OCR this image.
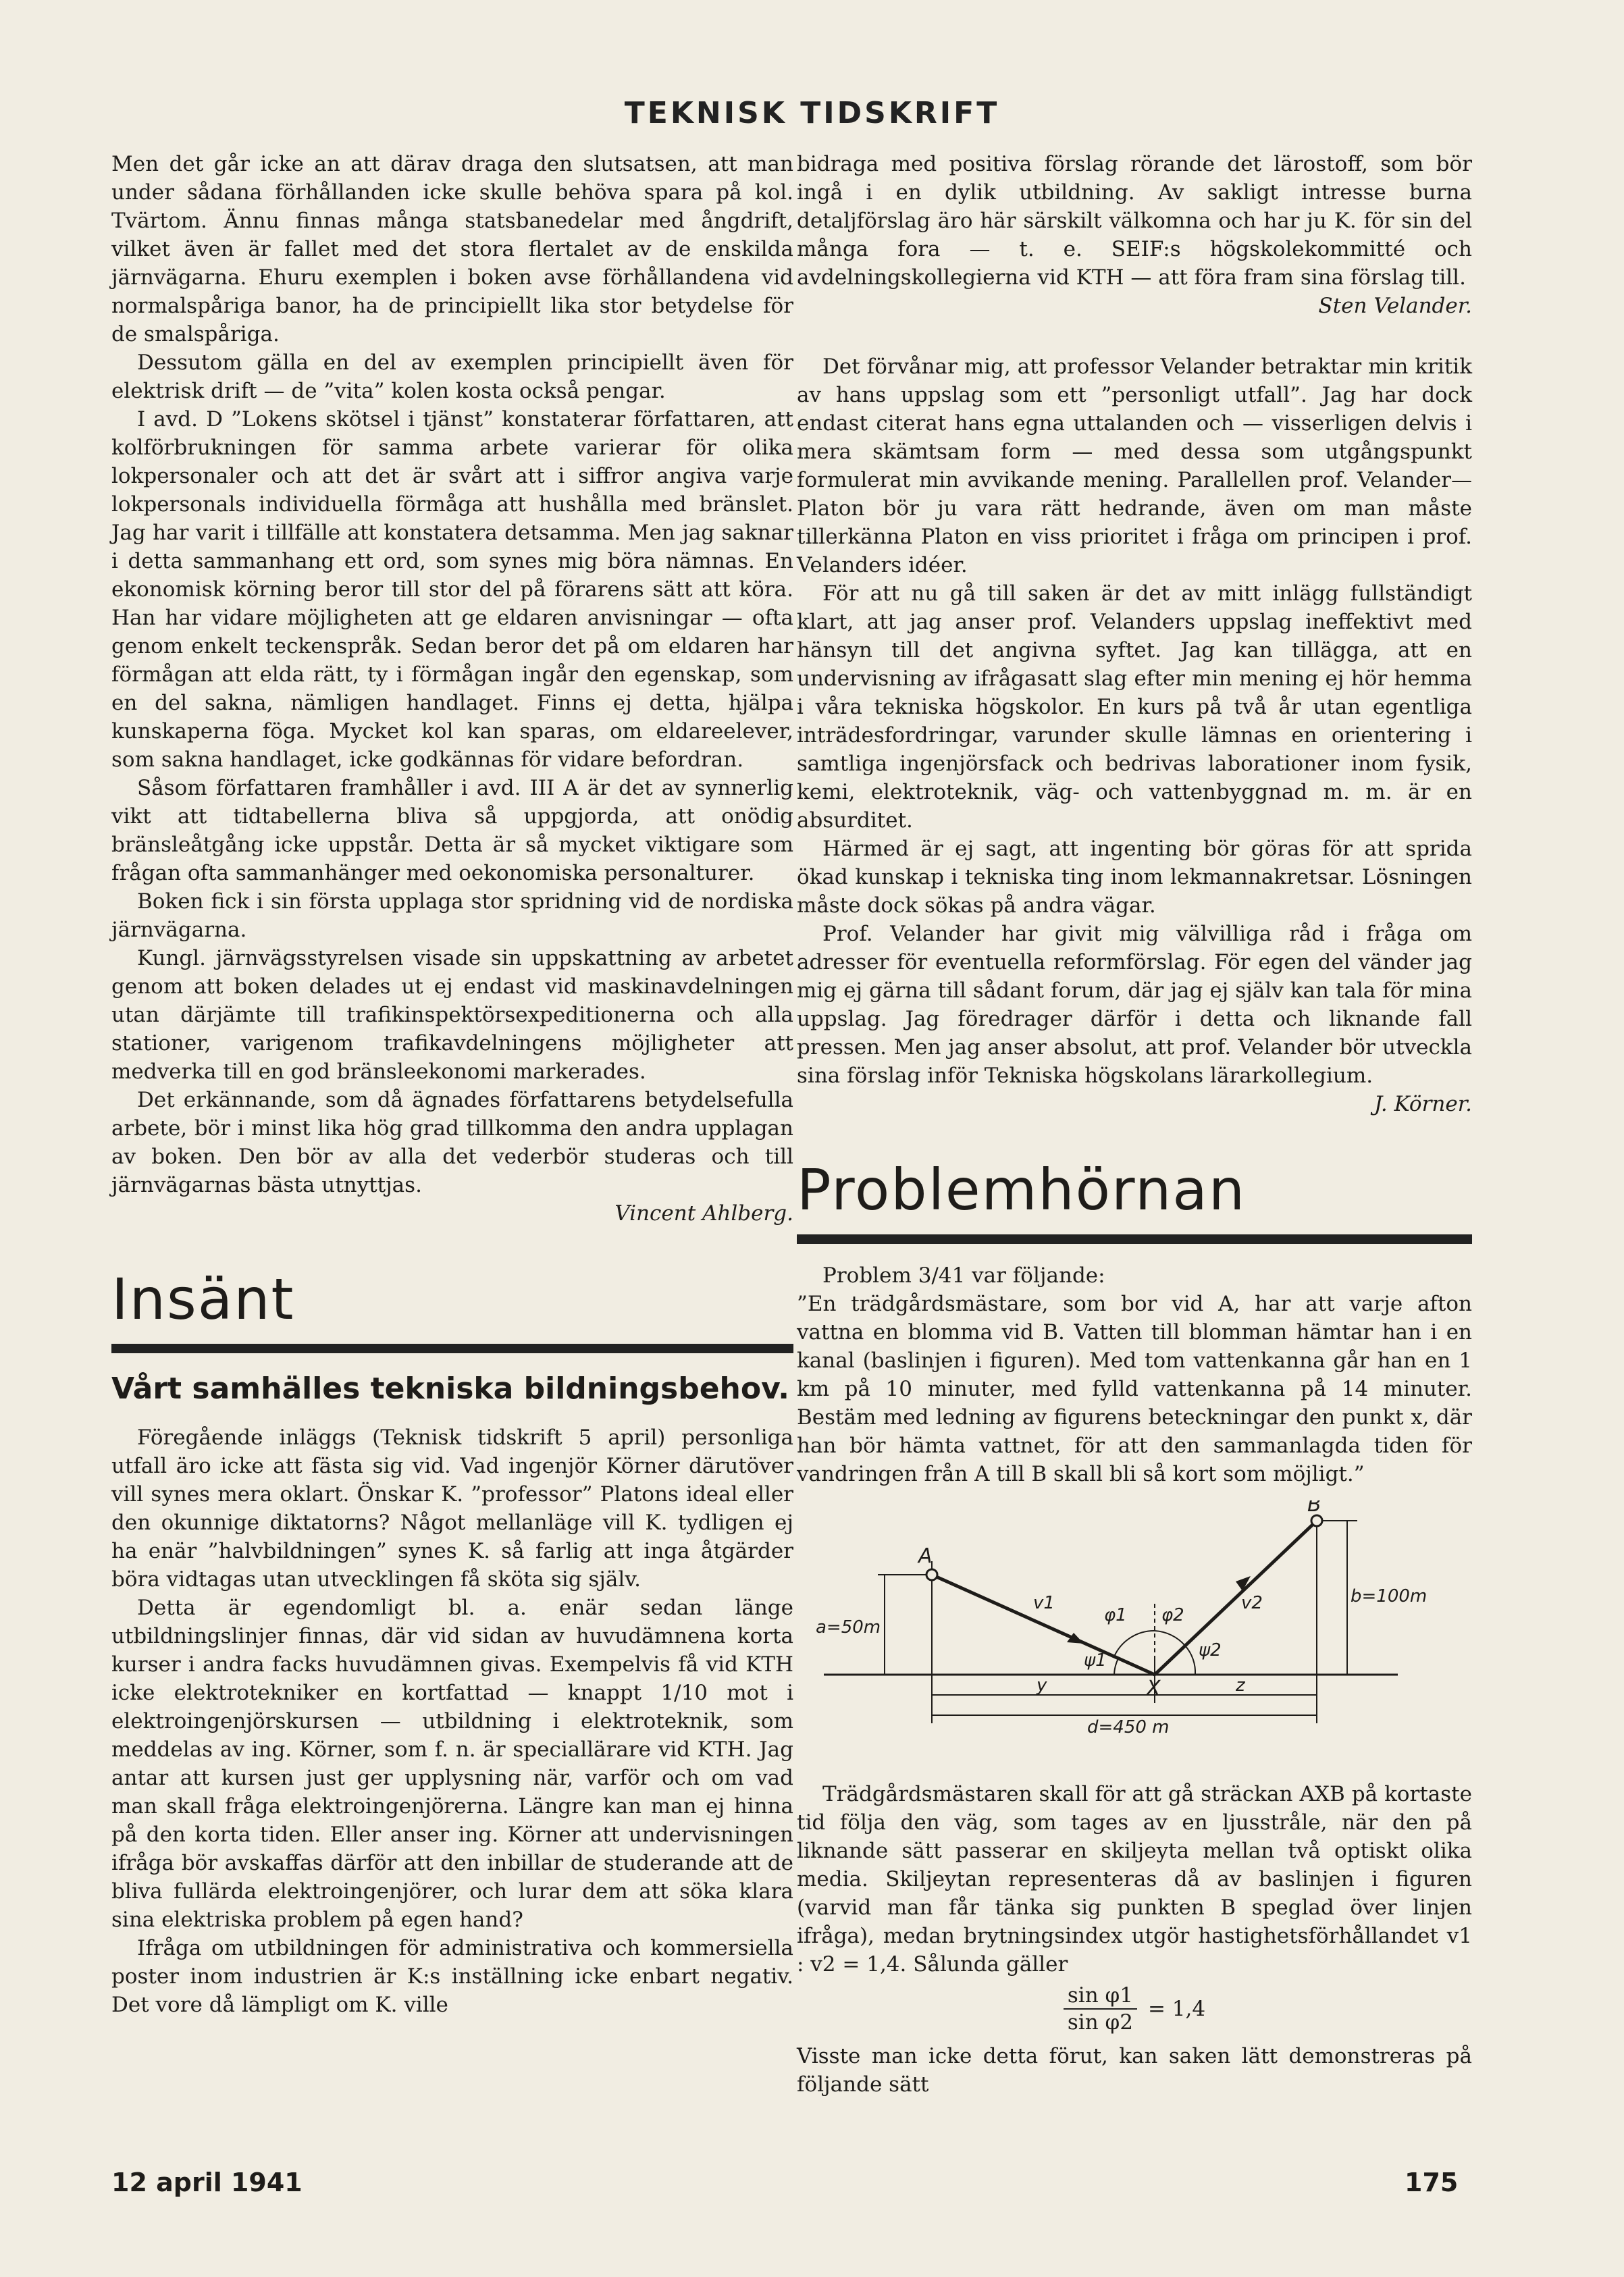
TEKNISK TIDSKRIFT

Men det går icke an att därav draga den slutsatsen, att man under sådana förhållanden icke skulle behöva spara på kol. Tvärtom. Ännu finnas många statsbanedelar med ångdrift, vilket även är fallet med det stora flertalet av de enskilda järnvägarna. Ehuru exemplen i boken avse förhållandena vid normalspåriga banor, ha de principiellt lika stor betydelse för de smalspåriga.

Dessutom gälla en del av exemplen principiellt även för elektrisk drift — de ”vita” kolen kosta också pengar.

I avd. D ”Lokens skötsel i tjänst” konstaterar författaren, att kolförbrukningen för samma arbete varierar för olika lokpersonaler och att det är svårt att i siffror angiva varje lokpersonals individuella förmåga att hushålla med bränslet. Jag har varit i tillfälle att konstatera detsamma. Men jag saknar i detta sammanhang ett ord, som synes mig böra nämnas. En ekonomisk körning beror till stor del på förarens sätt att köra. Han har vidare möjligheten att ge eldaren anvisningar — ofta genom enkelt teckenspråk. Sedan beror det på om eldaren har förmågan att elda rätt, ty i förmågan ingår den egenskap, som en del sakna, nämligen handlaget. Finns ej detta, hjälpa kunskaperna föga. Mycket kol kan sparas, om eldareelever, som sakna handlaget, icke godkännas för vidare befordran.

Såsom författaren framhåller i avd. III A är det av synnerlig vikt att tidtabellerna bliva så uppgjorda, att onödig bränsleåtgång icke uppstår. Detta är så mycket viktigare som frågan ofta sammanhänger med oekonomiska personalturer.

Boken fick i sin första upplaga stor spridning vid de nordiska järnvägarna.

Kungl. järnvägsstyrelsen visade sin uppskattning av arbetet genom att boken delades ut ej endast vid maskinavdelningen utan därjämte till trafikinspektörsexpeditionerna och alla stationer, varigenom trafikavdelningens möjligheter att medverka till en god bränsleekonomi markerades.

Det erkännande, som då ägnades författarens betydelsefulla arbete, bör i minst lika hög grad tillkomma den andra upplagan av boken. Den bör av alla det vederbör studeras och till järnvägarnas bästa utnyttjas.

Vincent Ahlberg.

Insänt
Vårt samhälles tekniska bildningsbehov.

Föregående inläggs (Teknisk tidskrift 5 april) personliga utfall äro icke att fästa sig vid. Vad ingenjör Körner därutöver vill synes mera oklart. Önskar K. ”professor” Platons ideal eller den okunnige diktatorns? Något mellanläge vill K. tydligen ej ha enär ”halvbildningen” synes K. så farlig att inga åtgärder böra vidtagas utan utvecklingen få sköta sig själv.

Detta är egendomligt bl. a. enär sedan länge utbildningslinjer finnas, där vid sidan av huvudämnena korta kurser i andra facks huvudämnen givas. Exempelvis få vid KTH icke elektrotekniker en kortfattad — knappt 1/10 mot i elektroingenjörskursen — utbildning i elektroteknik, som meddelas av ing. Körner, som f. n. är speciallärare vid KTH. Jag antar att kursen just ger upplysning när, varför och om vad man skall fråga elektroingenjörerna. Längre kan man ej hinna på den korta tiden. Eller anser ing. Körner att undervisningen ifråga bör avskaffas därför att den inbillar de studerande att de bliva fullärda elektroingenjörer, och lurar dem att söka klara sina elektriska problem på egen hand?

Ifråga om utbildningen för administrativa och kommersiella poster inom industrien är K:s inställning icke enbart negativ. Det vore då lämpligt om K. ville

bidraga med positiva förslag rörande det lärostoff, som bör ingå i en dylik utbildning. Av sakligt intresse burna detaljförslag äro här särskilt välkomna och har ju K. för sin del många fora — t. e. SEIF:s högskolekommitté och avdelningskollegierna vid KTH — att föra fram sina förslag till.

Sten Velander.

Det förvånar mig, att professor Velander betraktar min kritik av hans uppslag som ett ”personligt utfall”. Jag har dock endast citerat hans egna uttalanden och — visserligen delvis i mera skämtsam form — med dessa som utgångspunkt formulerat min avvikande mening. Parallellen prof. Velander—Platon bör ju vara rätt hedrande, även om man måste tillerkänna Platon en viss prioritet i fråga om principen i prof. Velanders idéer.

För att nu gå till saken är det av mitt inlägg fullständigt klart, att jag anser prof. Velanders uppslag ineffektivt med hänsyn till det angivna syftet. Jag kan tillägga, att en undervisning av ifrågasatt slag efter min mening ej hör hemma i våra tekniska högskolor. En kurs på två år utan egentliga inträdesfordringar, varunder skulle lämnas en orientering i samtliga ingenjörsfack och bedrivas laborationer inom fysik, kemi, elektroteknik, väg- och vattenbyggnad m. m. är en absurditet.

Härmed är ej sagt, att ingenting bör göras för att sprida ökad kunskap i tekniska ting inom lekmannakretsar. Lösningen måste dock sökas på andra vägar.

Prof. Velander har givit mig välvilliga råd i fråga om adresser för eventuella reformförslag. För egen del vänder jag mig ej gärna till sådant forum, där jag ej själv kan tala för mina uppslag. Jag föredrager därför i detta och liknande fall pressen. Men jag anser absolut, att prof. Velander bör utveckla sina förslag inför Tekniska högskolans lärarkollegium.

J. Körner.

Problemhörnan

Problem 3/41 var följande:

”En trädgårdsmästare, som bor vid A, har att varje afton vattna en blomma vid B. Vatten till blomman hämtar han i en kanal (baslinjen i figuren). Med tom vattenkanna går han en 1 km på 10 minuter, med fylld vattenkanna på 14 minuter. Bestäm med ledning av figurens beteckningar den punkt x, där han bör hämta vattnet, för att den sammanlagda tiden för vandringen från A till B skall bli så kort som möjligt.”

A
B
X
a=50m
b=100m
d=450 m
y	z
v1	v2
φ1 φ2
ψ1	ψ2

Trädgårdsmästaren skall för att gå sträckan AXB på kortaste tid följa den väg, som tages av en ljusstråle, när den på liknande sätt passerar en skiljeyta mellan två optiskt olika media. Skiljeytan representeras då av baslinjen i figuren (varvid man får tänka sig punkten B speglad över linjen ifråga), medan brytningsindex utgör hastighetsförhållandet v1 : v2 = 1,4. Sålunda gäller

$\frac{\text{sin φ1}}{\text{sin φ2}} = 1,4$

Visste man icke detta förut, kan saken lätt demonstreras på följande sätt

12 april 1941	175
